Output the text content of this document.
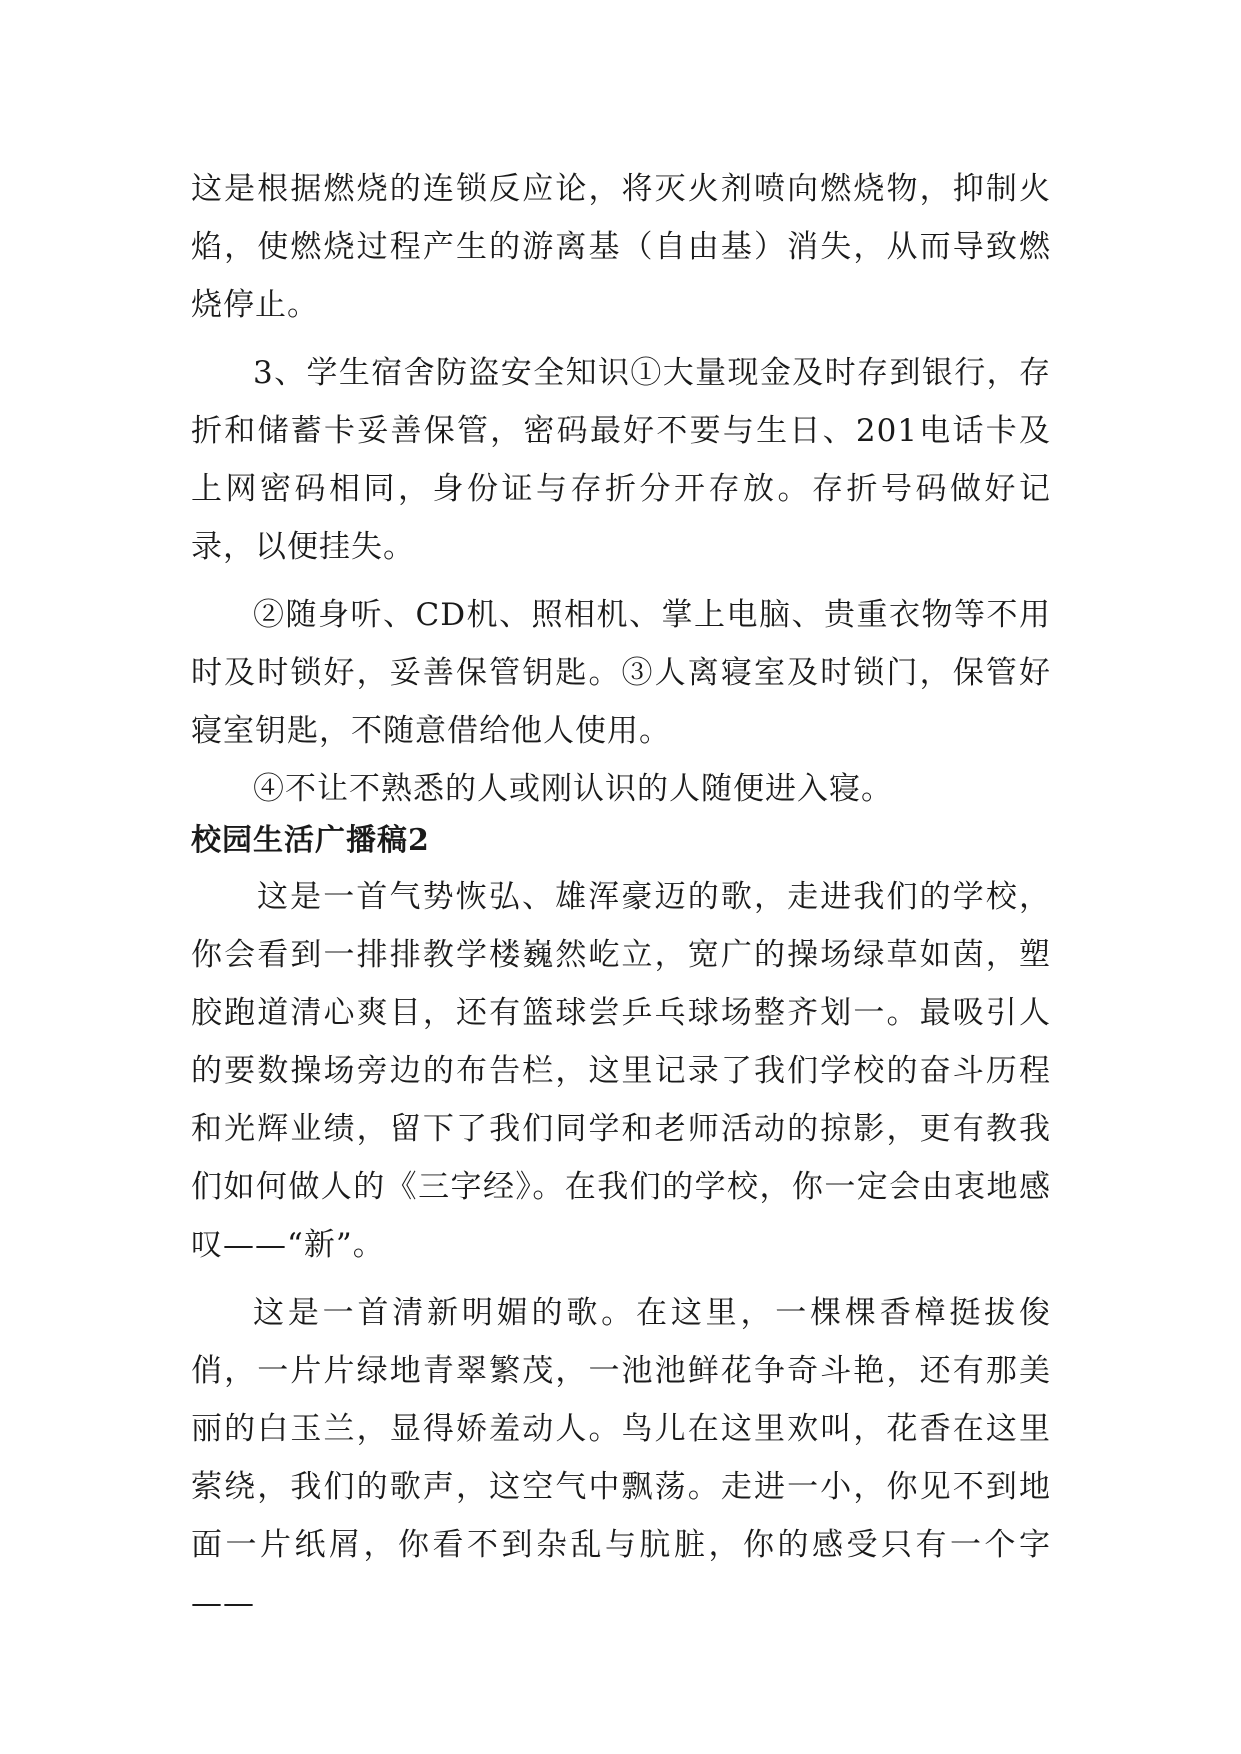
这是根据燃烧的连锁反应论，将灭火剂喷向燃烧物，抑制火焰，使燃烧过程产生的游离基（自由基）消失，从而导致燃烧停止。

3、学生宿舍防盗安全知识①大量现金及时存到银行，存折和储蓄卡妥善保管，密码最好不要与生日、201电话卡及上网密码相同，身份证与存折分开存放。存折号码做好记录，以便挂失。

②随身听、CD机、照相机、掌上电脑、贵重衣物等不用时及时锁好，妥善保管钥匙。③人离寝室及时锁门，保管好寝室钥匙，不随意借给他人使用。

④不让不熟悉的人或刚认识的人随便进入寝。

校园生活广播稿2

这是一首气势恢弘、雄浑豪迈的歌，走进我们的学校，你会看到一排排教学楼巍然屹立，宽广的操场绿草如茵，塑胶跑道清心爽目，还有篮球尝乒乓球场整齐划一。最吸引人的要数操场旁边的布告栏，这里记录了我们学校的奋斗历程和光辉业绩，留下了我们同学和老师活动的掠影，更有教我们如何做人的《三字经》。在我们的学校，你一定会由衷地感叹——“新”。

这是一首清新明媚的歌。在这里，一棵棵香樟挺拔俊俏，一片片绿地青翠繁茂，一池池鲜花争奇斗艳，还有那美丽的白玉兰，显得娇羞动人。鸟儿在这里欢叫，花香在这里萦绕，我们的歌声，这空气中飘荡。走进一小，你见不到地面一片纸屑，你看不到杂乱与肮脏，你的感受只有一个字——
